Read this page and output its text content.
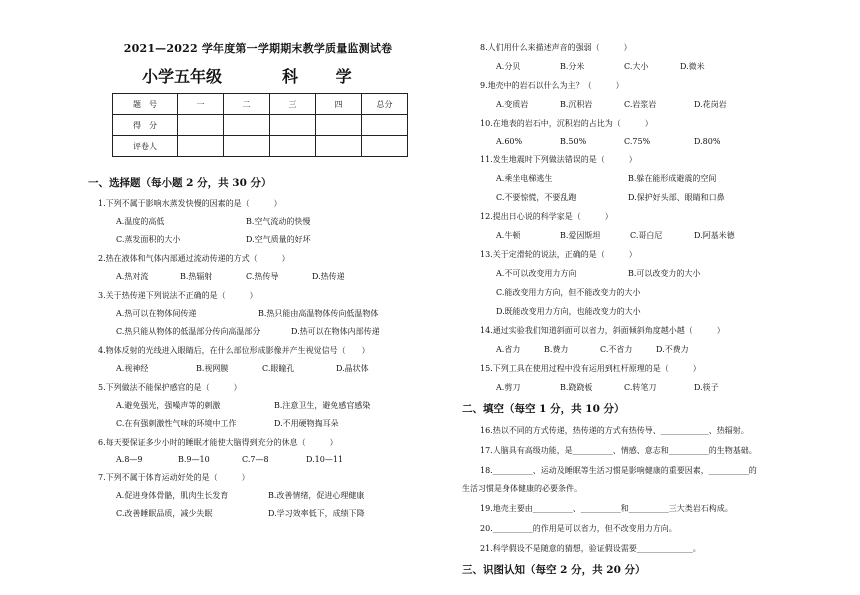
2021—2022 学年度第一学期期末教学质量监测试卷
小学五年级	科 学
题　号	一	二	三	四	总分
得　分					
评卷人					
一、选择题（每小题 2 分，共 30 分）
1.下列不属于影响水蒸发快慢的因素的是（　　　）
A.温度的高低	B.空气流动的快慢
C.蒸发面积的大小	D.空气质量的好坏
2.热在液体和气体内部通过流动传递的方式（　　　）
A.热对流	B.热辐射	C.热传导	D.热传递
3.关于热传递下列说法不正确的是（　　　）
A.热可以在物体间传递	B.热只能由高温物体传向低温物体
C.热只能从物体的低温部分传向高温部分	D.热可以在物体内部传递
4.物体反射的光线进入眼睛后，在什么部位形成影像并产生视觉信号（　　）
A.视神经	B.视网膜	C.眼瞳孔	D.晶状体
5.下列做法不能保护感官的是（　　　）
A.避免强光，强噪声等的刺激	B.注意卫生，避免感官感染
C.在有强刺激性气味的环境中工作	D.不用硬物掏耳朵
6.每天要保证多少小时的睡眠才能使大脑得到充分的休息（　　　）
A.8—9	B.9—10	C.7—8	D.10—11
7.下列不属于体育运动好处的是（　　　）
A.促进身体骨骼，肌肉生长发育	B.改善情绪，促进心理健康
C.改善睡眠品质，减少失眠	D.学习效率低下，成绩下降
8.人们用什么来描述声音的强弱（　　　）
A.分贝	B.分米	C.大小	D.微米
9.地壳中的岩石以什么为主？（　　　）
A.变质岩	B.沉积岩	C.岩浆岩	D.花岗岩
10.在地表的岩石中，沉积岩的占比为（　　　）
A.60%	B.50%	C.75%	D.80%
11.发生地震时下列做法错误的是（　　　）
A.乘坐电梯逃生	B.躲在能形成避震的空间
C.不要惊慌，不要乱跑	D.保护好头部、眼睛和口鼻
12.提出日心说的科学家是（　　　）
A.牛顿	B.爱因斯坦	C.哥白尼	D.阿基米德
13.关于定滑轮的说法，正确的是（　　　）
A.不可以改变用力方向	B.可以改变力的大小
C.能改变用力方向，但不能改变力的大小
D.既能改变用力方向，也能改变力的大小
14.通过实验我们知道斜面可以省力，斜面倾斜角度越小越（　　　）
A.省力	B.费力	C.不省力	D.不费力
15.下列工具在使用过程中没有运用到杠杆原理的是（　　　）
A.剪刀	B.跷跷板	C.转笔刀	D.筷子
二、填空（每空 1 分，共 10 分）
16.热以不同的方式传递，热传递的方式有热传导、____________、热辐射。
17.人脑具有高级功能，是__________、情感、意志和__________的生物基础。
18.__________、运动及睡眠等生活习惯是影响健康的重要因素，__________的
生活习惯是身体健康的必要条件。
19.地壳主要由__________、__________和__________三大类岩石构成。
20.__________的作用是可以省力，但不改变用力方向。
21.科学假设不是随意的猜想，验证假设需要______________。
三、识图认知（每空 2 分，共 20 分）
